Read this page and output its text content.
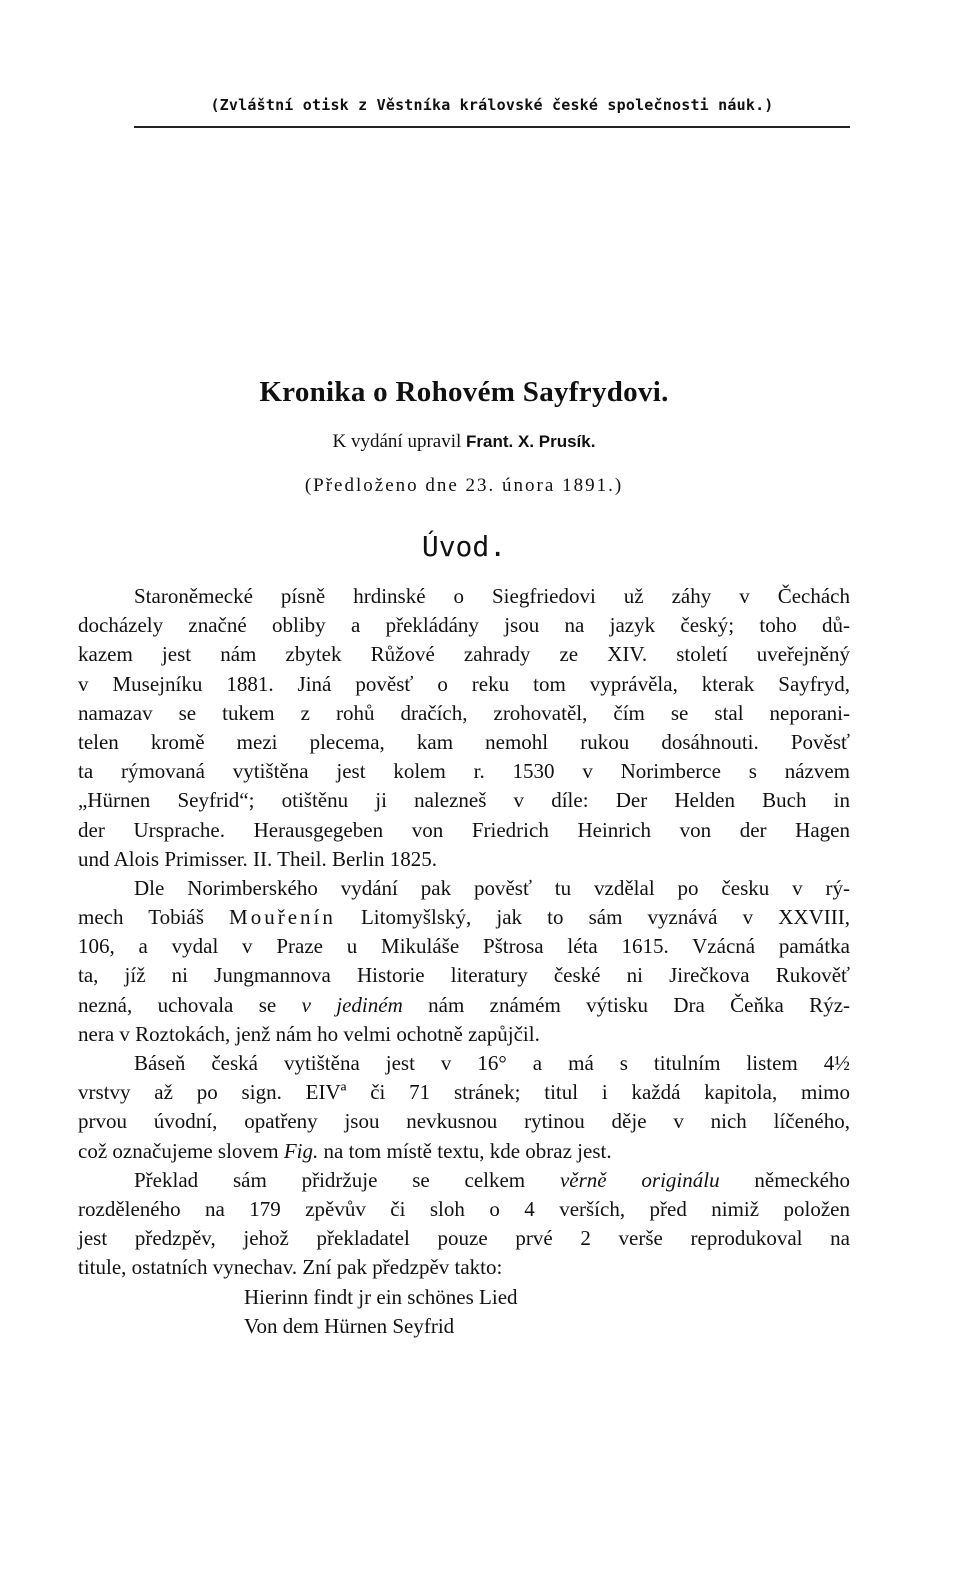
(Zvláštní otisk z Věstníka královské české společnosti náuk.)
Kronika o Rohovém Sayfrydovi.
K vydání upravil Frant. X. Prusík.
(Předloženo dne 23. února 1891.)
Úvod.
Staroněmecké písně hrdinské o Siegfriedovi už záhy v Čechách
docházely značné obliby a překládány jsou na jazyk český; toho dů-
kazem jest nám zbytek Růžové zahrady ze XIV. století uveřejněný
v Musejníku 1881. Jiná pověsť o reku tom vyprávěla, kterak Sayfryd,
namazav se tukem z rohů dračích, zrohovatěl, čím se stal neporani-
telen kromě mezi plecema, kam nemohl rukou dosáhnouti. Pověsť
ta rýmovaná vytištěna jest kolem r. 1530 v Norimberce s názvem
„Hürnen Seyfrid“; otištěnu ji nalezneš v díle: Der Helden Buch in
der Ursprache. Herausgegeben von Friedrich Heinrich von der Hagen
und Alois Primisser. II. Theil. Berlin 1825.
Dle Norimberského vydání pak pověsť tu vzdělal po česku v rý-
mech Tobiáš Mouřenín Litomyšlský, jak to sám vyznává v XXVIII,
106, a vydal v Praze u Mikuláše Pštrosa léta 1615. Vzácná památka
ta, jíž ni Jungmannova Historie literatury české ni Jirečkova Rukověť
nezná, uchovala se v jediném nám známém výtisku Dra Čeňka Rýz-
nera v Roztokách, jenž nám ho velmi ochotně zapůjčil.
Báseň česká vytištěna jest v 16° a má s titulním listem 4½
vrstvy až po sign. EIVª či 71 stránek; titul i každá kapitola, mimo
prvou úvodní, opatřeny jsou nevkusnou rytinou děje v nich líčeného,
což označujeme slovem Fig. na tom místě textu, kde obraz jest.
Překlad sám přidržuje se celkem věrně originálu německého
rozděleného na 179 zpěvův či sloh o 4 verších, před nimiž položen
jest předzpěv, jehož překladatel pouze prvé 2 verše reprodukoval na
titule, ostatních vynechav. Zní pak předzpěv takto:
Hierinn findt jr ein schönes Lied
Von dem Hürnen Seyfrid
